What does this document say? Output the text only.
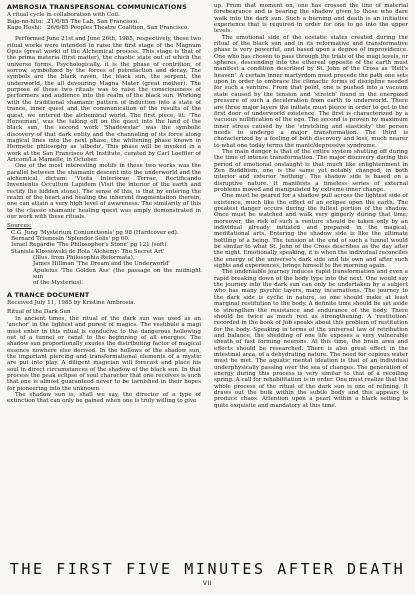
AMBROSIA TRANSPERSONAL COMMUNICATIONS
A ritual cycle in collaboration with Coil.
Bajo-no-hito: 21/6/85 The Lab, San Francisco.
Kage Hoshi: 26/6/85 Peoples Theatre Coalition, San Francisco.

Performed June 21st and June 26th, 1985, respectively, these two ritual works were intended to raise the first stage of the Magnum Opus (great work) of the Alchemical process. This stage is that of the prima materia (first matter), the chaotic state out of which the universe forms. Psychologically, it is the phase of contrition, of sorrow, symbolized by the forces of putrefaction and decay. The symbols are the black raven, the black sun, the serpent, the underworld, the all devouring Magna Mater (great mother). The purpose of these two rituals was to raise the consciousness of performers and audience into the realm of the black sun. Working with the traditional shamanic pattern of induction into a state of trance, inner quest and the communication of the results of the quest, we entered the alchemical world. The first piece, lit: 'The Horseman', was the taking off on the quest into the land of the black sun, the second work 'Shadowstar' was the symbolic discovery of that dark entity and the channeling of its force along magical lines into the next phase, the whitening phase known in Hermetic philosophy as 'albedo'. This phase will be invoked in a work at the San Francisco Art Institute, curated by Carl Loeffler of Artcom/La Mamelle, in October.

One of the most interesting motifs in these two works was the parallel between the shamanic descent into the underworld and the alchemical dictum: 'Visita Interiorae Terrae, Rectificando Invenientis Occultum Lapidem (Visit the interior of the earth and rectify the hidden stone). The sense of this, is that by entering the realm of the heart and healing the inherent fragmentation therein, one can attain a very high level of awareness. The similarity of this to the classic shamanic healing quest was amply demonstrated in our work with these rituals.

Sources:
C.G. Jung 'Mysterium Coniunctionis' pg 98 (Hardcover ed).
Bernard Trismosin 'Splendor Solis' pg 60.
Israel Regardie 'The Philosopher's Stone' pg 121 (soft).
Stanisla Klossowski de Rola 'Alchemy: The Secret Art'
(Illus. from Philosophia Reformata).
James Hillman 'The Dream and the Underworld'
Apuleius 'The Golden Ass' (the passage on the midnight sun
of the Mysteries).
A TRANCE DOCUMENT
Received July 11, 1985 by Kristine Ambrosia.
Ritual of the Dark Sun

In ancient times, the ritual of the dark sun was used as an 'anchor' in the lightest and purest of magics. The vestibule a magi must enter in this ritual is conducive to the dangerous hollowing out of a tunnel or canal to the beginning of all energies. The shadow sun proportionally exudes the distributing factor of magical essence nowhere else derived. In the hollows of the shadow sun, the important piercing and transformational elements of a mystic are put into play. A diligent magician will forecast and place his soul in direct circumstances of the shadow of the black sun. In that process the peak eclipse of soul character that one receives is such that one is almost guaranteed never to be tarnished in their hopes for pioneering into the unknown.

The shadow sun is, shall we say, the director of a type of extinction that can only be gained when one is truly willing to give

up. From that moment on, one has crossed the line of material forebearance and is bearing the shadow given to those who dare walk into the dark sun. Such a burning and death is an initiative experience that is required in order for one to go into the upper levels.

The emotional side of the ecstatic states created during the ritual of the black sun and in its reformative and transformative phase is very powerful, and based upon a degree of improvidence. One who has chosen to pass through the trials of the magi levels, or spheres, descending into the ethereal opposite of the earth must manifest a condition described by St. John of the Cross as 'Hell's heaven'. A certain inner martyrdom must precede the path one sets upon in order to embrace the climactic forms of discipline needed for such a venture. From that point, one is pushed into a vacuum state caused by the tension and 'stretch' found in the energized pressure of such a deceleration from earth to underworld. There are three major layers the initiate must pierce in order to get to the first door of underworld existence. The first is characterized by a vacuous nullification of the ego. The second is proven by maximum inner stress caused by the 'stretching and elasticity' the person needs to undergo a major transformation. The third is characterized by a feeling of both discovery and loss, much nearer to what one today terms the manic/depressive syndrome.

The main danger is that of the entire system shutting off during the time of intense transformation. The major discovery during this period of emotional onslaught is that much like enlightenment in Zen Buddhism, one is the same yet notably changed, in both interior and exterior 'nothing'. The shadow side is based on a disruptive nature. It manifests a timeless series of external problems moved and manipulated by extreme inner change.

One must be geared for a shadow pull across the lightest side of existence, much like the effect of an eclipse upon the earth. The greatest danger occurs during the fullest portion of the shadow. Once must be watched and walk very gingerly during that time; moreover, the risk of such a venture should be taken only by an individual already initiated and prepared in the magical, meditational arts. Entering the shadow side is like the ultimate bottling of a being. The tension at the end of such a tunnel would be similar to what St. John of the Cross describes as the day after the night. Emotionally speaking, it is when the individual reconciles the energy of the universe's dark side and his own and after such sights and experiences, brings himself to the morning again.

The undeniable journey induces rapid transformation and even a rapid breaking down of the body type into the next. One would say the journey into the dark sun can only be undertaken by a subject who has many psychic layers, many incarnations. The journey to the dark side is cyclic in nature, so one should make at least marginal restitution to the body. A definite time should be set aside to strengthen the resistance and endurance of the body. There should be twice as much rest as strengthening. A 'restitution' recorded in the book of Job speaks about this problem of restitution for the body. Speaking in terms of the universal law of retribution and balance, the shedding of one life exposes a very vulnerable sheath of fast forming neurons. At this time, the brain area and effects should be researched. There is also great effect in the intestinal area, of a dehydrating nature. The need for copious water must be met. The aquatic mental ideation is that of an individual underphysically passing over the sea of changes. The generation of energy during this process is very similar to that of a recoiling spring. A call for rehabilitation is in order. One must realize that the whole process of the ritual of the dark sun is one of refining. It draws out the bulk within the subtle body and this appears to produce chaos. Attention upon a pearl within a black setting is quite exquisite and mandatory at this time.

THE FIRST FIVE MINUTES AFTER DEATH
VII
